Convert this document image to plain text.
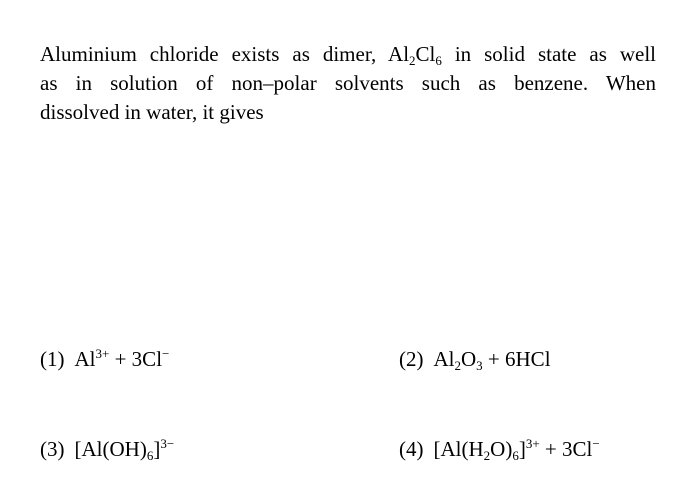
Aluminium chloride exists as dimer, $Al_2Cl_6$ in solid state as well
as in solution of non–polar solvents such as benzene. When
dissolved in water, it gives
(1) $Al^{3+} + 3Cl^-$	(2) $Al_2O_3 + 6HCl$
(3) $[Al(OH)_6]^{3-}$	(4) $[Al(H_2O)_6]^{3+} + 3Cl^-$
